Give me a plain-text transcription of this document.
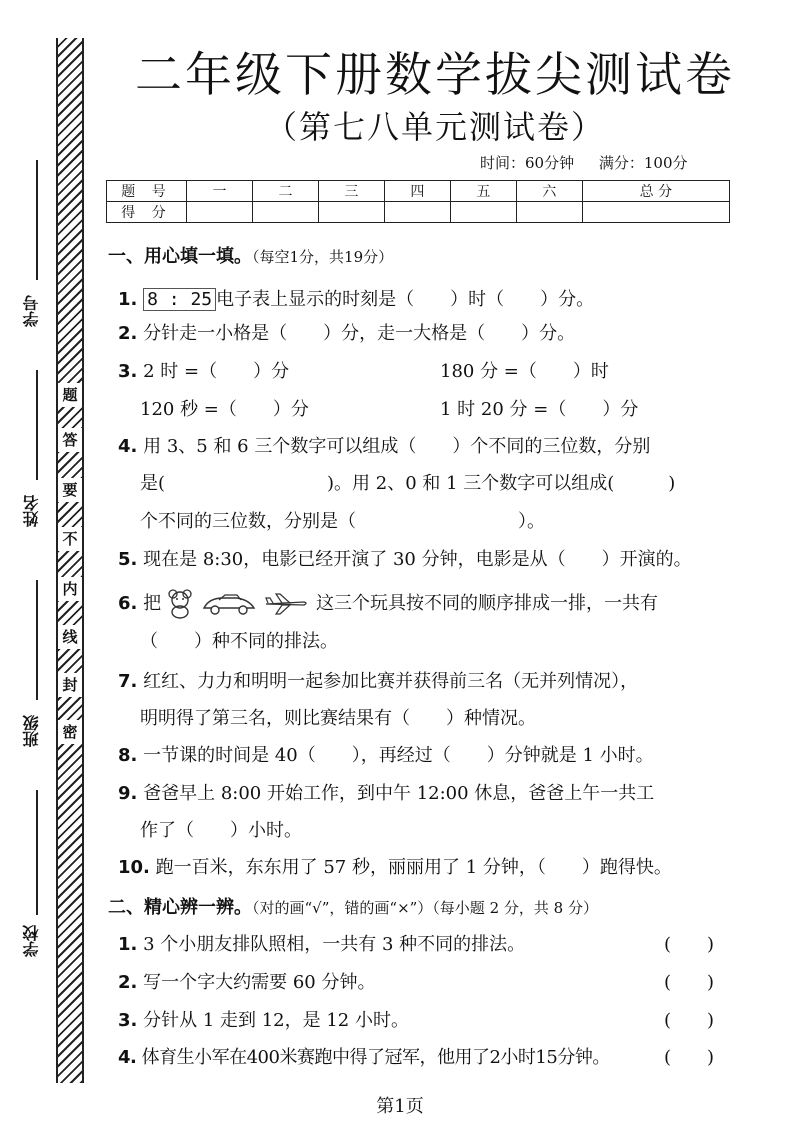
学号
姓名
班级
学校
题
答
要
不
内
线
封
密
二年级下册数学拔尖测试卷
（第七八单元测试卷）
时间：60分钟 满分：100分
题 号	一	二	三	四	五	六	总 分
得 分							
一、用心填一填。（每空1分，共19分）
1. 8 : 25 电子表上显示的时刻是（　　）时（　　）分。
2. 分针走一小格是（　　）分，走一大格是（　　）分。
3. 2 时 =（　　）分	180 分 =（　　）时
120 秒 =（　　）分	1 时 20 分 =（　　）分
4. 用 3、5 和 6 三个数字可以组成（　　）个不同的三位数，分别
是(　　　　　　　　　)。用 2、0 和 1 三个数字可以组成(　　　)
个不同的三位数，分别是（　　　　　　　　　）。
5. 现在是 8:30，电影已经开演了 30 分钟，电影是从（　　）开演的。
6. 把	这三个玩具按不同的顺序排成一排，一共有
（　　）种不同的排法。
7. 红红、力力和明明一起参加比赛并获得前三名（无并列情况），
明明得了第三名，则比赛结果有（　　）种情况。
8. 一节课的时间是 40（　　），再经过（　　）分钟就是 1 小时。
9. 爸爸早上 8:00 开始工作，到中午 12:00 休息，爸爸上午一共工
作了（　　）小时。
10. 跑一百米，东东用了 57 秒，丽丽用了 1 分钟，（　　）跑得快。
二、精心辨一辨。（对的画“√”，错的画“×”）（每小题 2 分，共 8 分）
1. 3 个小朋友排队照相，一共有 3 种不同的排法。	(　　)
2. 写一个字大约需要 60 分钟。	(　　)
3. 分针从 1 走到 12，是 12 小时。	(　　)
4. 体育生小军在400米赛跑中得了冠军，他用了2小时15分钟。	(　　)
第1页
